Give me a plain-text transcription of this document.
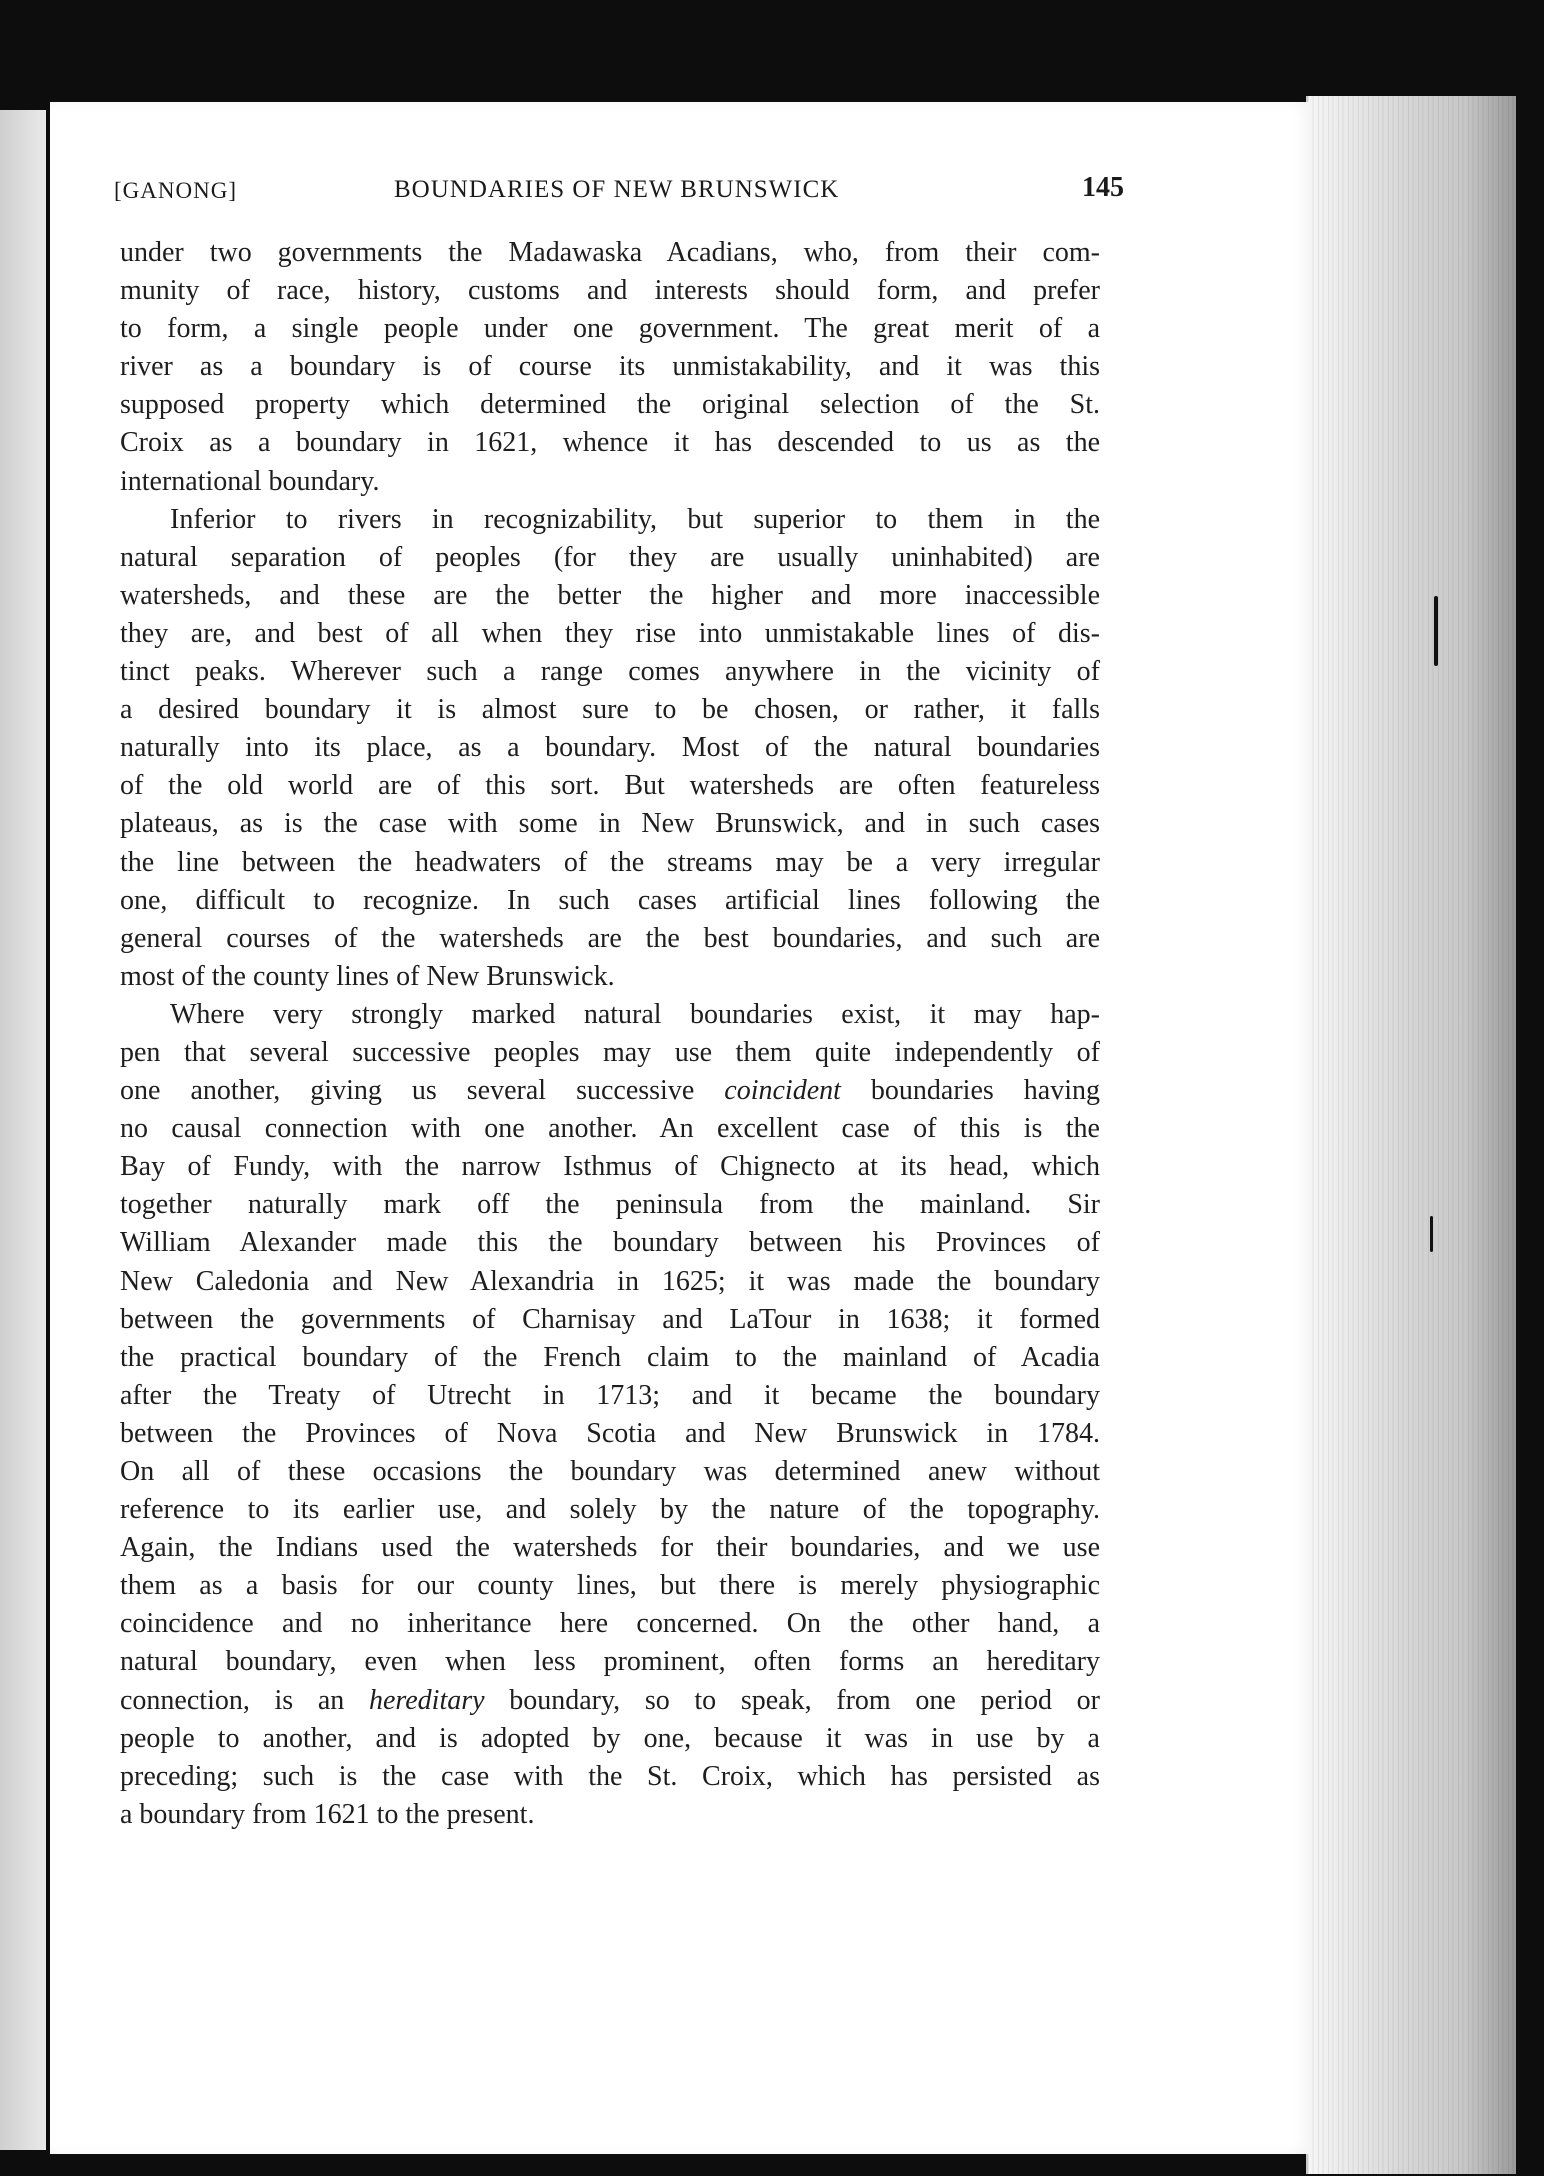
[GANONG]	BOUNDARIES OF NEW BRUNSWICK	145
under two governments the Madawaska Acadians, who, from their com-
munity of race, history, customs and interests should form, and prefer
to form, a single people under one government. The great merit of a
river as a boundary is of course its unmistakability, and it was this
supposed property which determined the original selection of the St.
Croix as a boundary in 1621, whence it has descended to us as the
international boundary.
Inferior to rivers in recognizability, but superior to them in the
natural separation of peoples (for they are usually uninhabited) are
watersheds, and these are the better the higher and more inaccessible
they are, and best of all when they rise into unmistakable lines of dis-
tinct peaks. Wherever such a range comes anywhere in the vicinity of
a desired boundary it is almost sure to be chosen, or rather, it falls
naturally into its place, as a boundary. Most of the natural boundaries
of the old world are of this sort. But watersheds are often featureless
plateaus, as is the case with some in New Brunswick, and in such cases
the line between the headwaters of the streams may be a very irregular
one, difficult to recognize. In such cases artificial lines following the
general courses of the watersheds are the best boundaries, and such are
most of the county lines of New Brunswick.
Where very strongly marked natural boundaries exist, it may hap-
pen that several successive peoples may use them quite independently of
one another, giving us several successive coincident boundaries having
no causal connection with one another. An excellent case of this is the
Bay of Fundy, with the narrow Isthmus of Chignecto at its head, which
together naturally mark off the peninsula from the mainland. Sir
William Alexander made this the boundary between his Provinces of
New Caledonia and New Alexandria in 1625; it was made the boundary
between the governments of Charnisay and LaTour in 1638; it formed
the practical boundary of the French claim to the mainland of Acadia
after the Treaty of Utrecht in 1713; and it became the boundary
between the Provinces of Nova Scotia and New Brunswick in 1784.
On all of these occasions the boundary was determined anew without
reference to its earlier use, and solely by the nature of the topography.
Again, the Indians used the watersheds for their boundaries, and we use
them as a basis for our county lines, but there is merely physiographic
coincidence and no inheritance here concerned. On the other hand, a
natural boundary, even when less prominent, often forms an hereditary
connection, is an hereditary boundary, so to speak, from one period or
people to another, and is adopted by one, because it was in use by a
preceding; such is the case with the St. Croix, which has persisted as
a boundary from 1621 to the present.
